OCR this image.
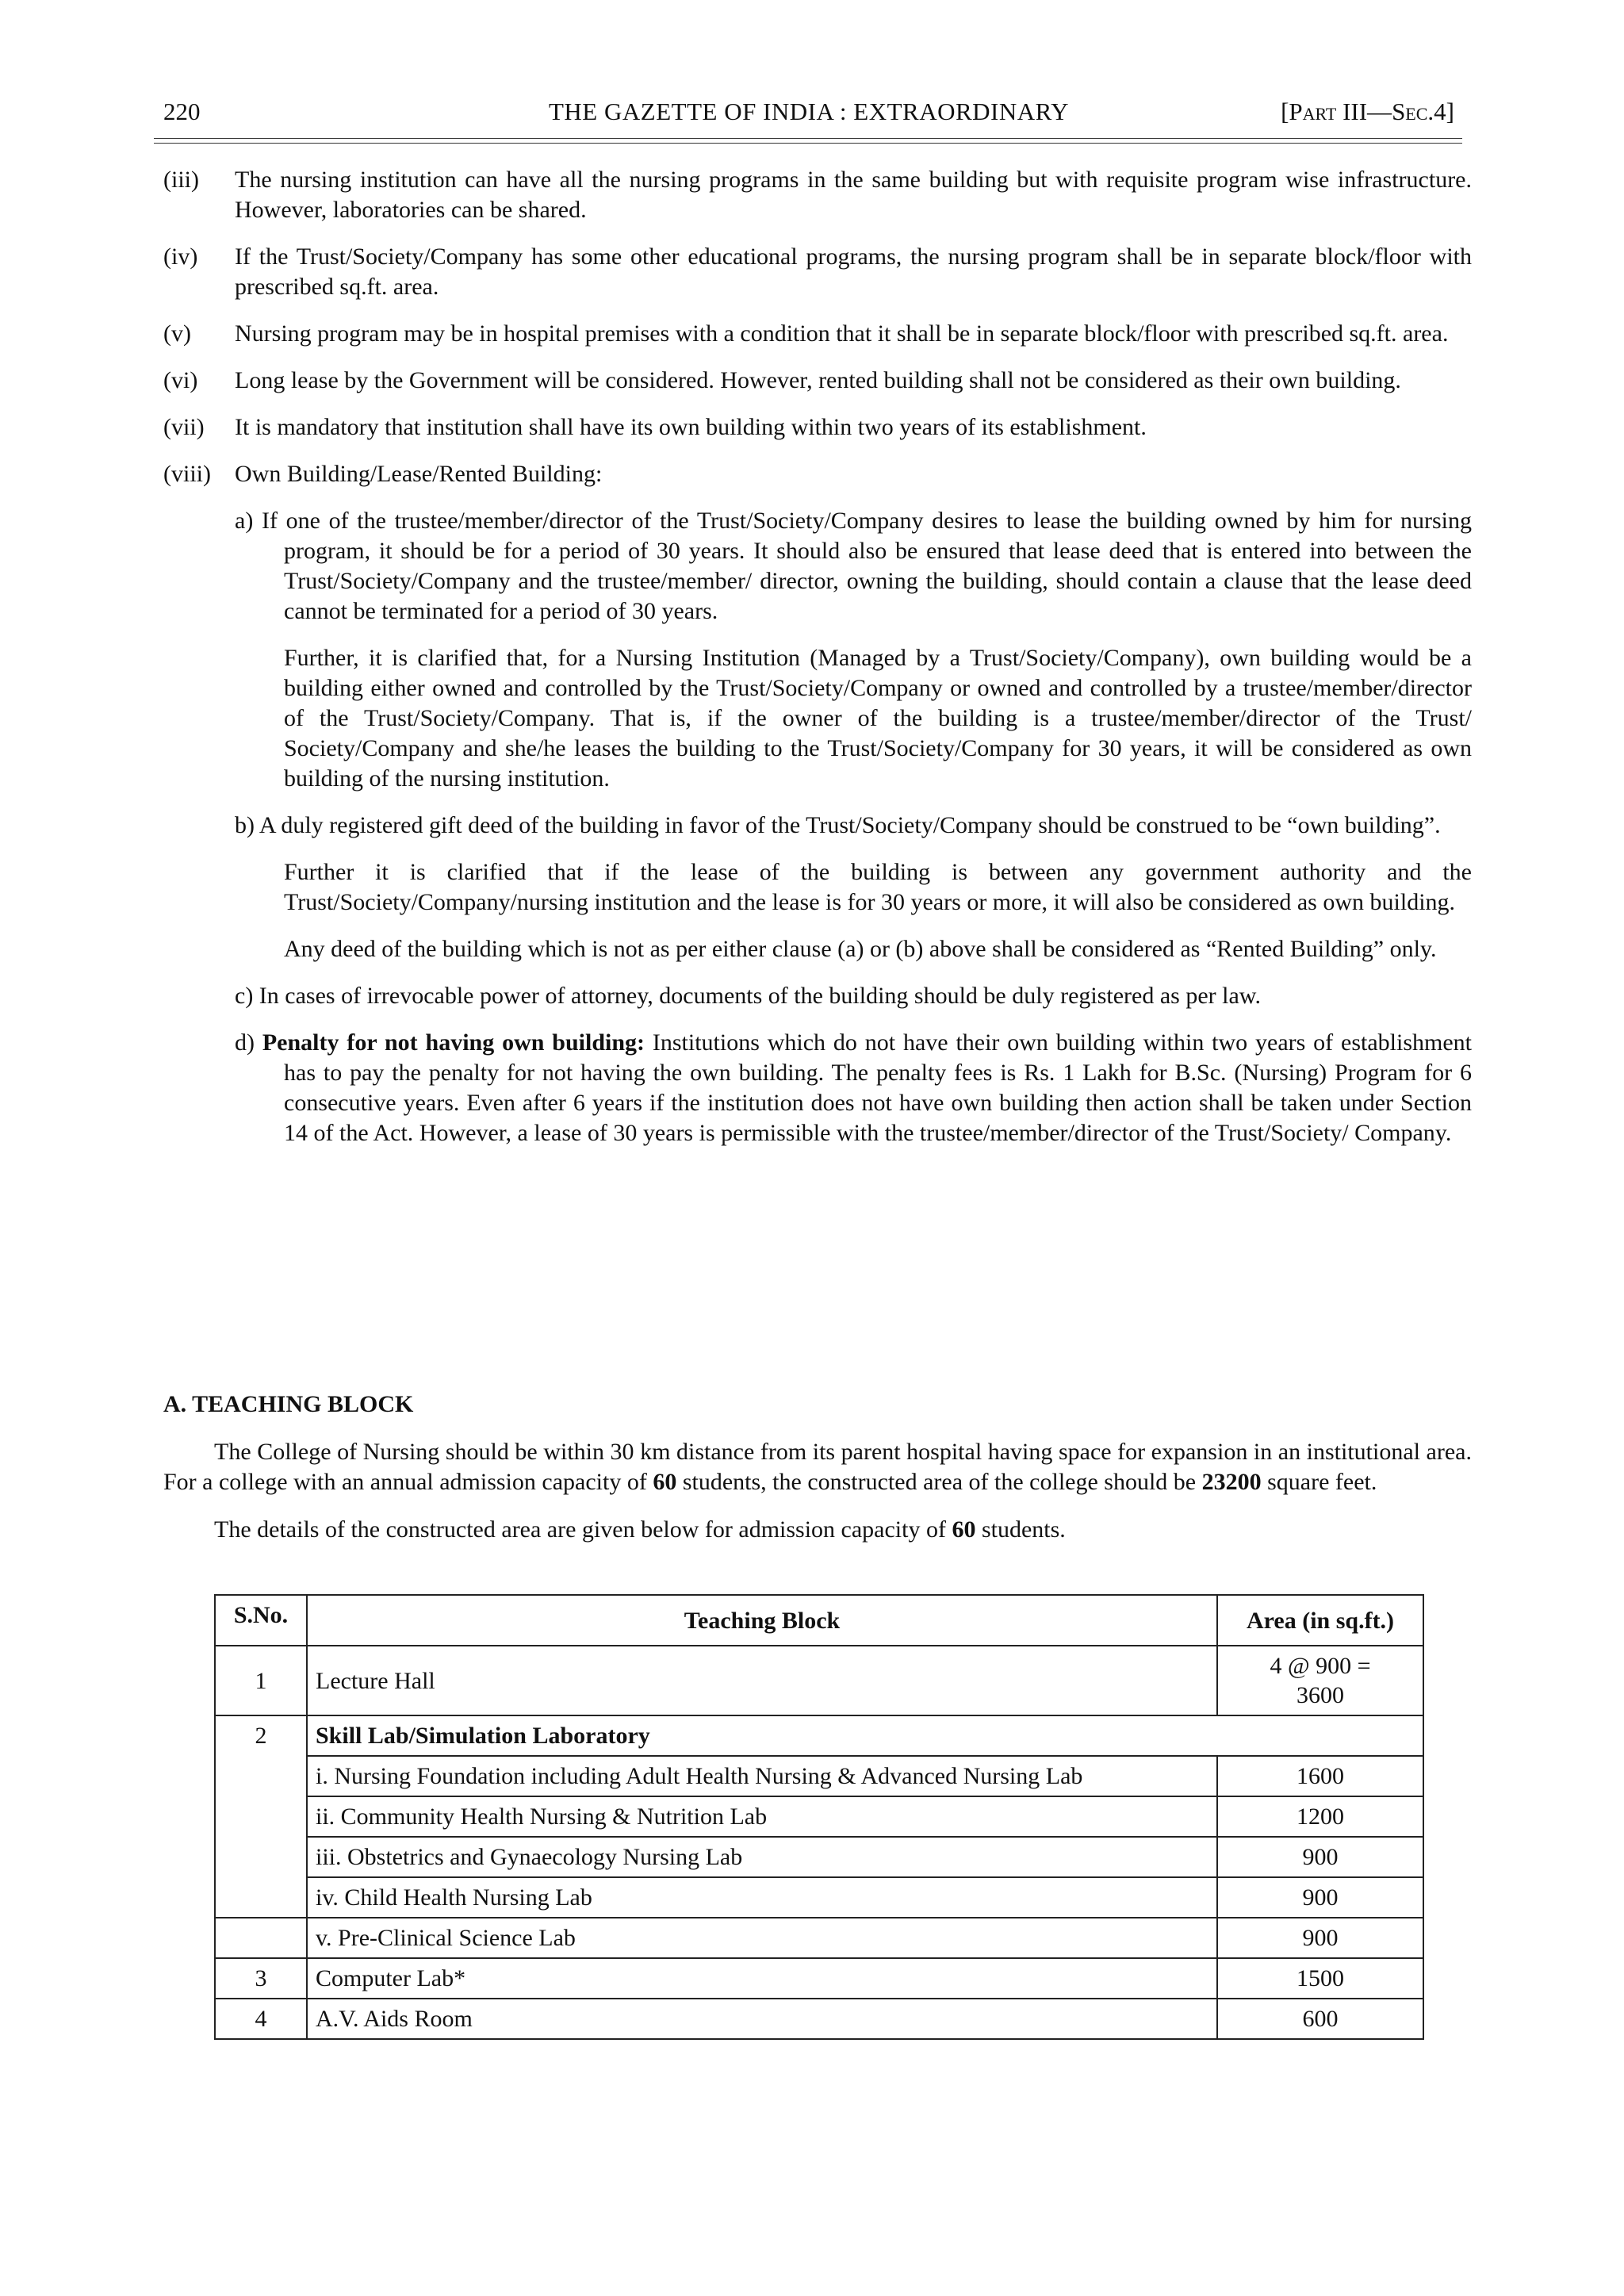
220	THE GAZETTE OF INDIA : EXTRAORDINARY	[Part III—Sec.4]
(iii)	The nursing institution can have all the nursing programs in the same building but with requisite program wise infrastructure. However, laboratories can be shared.
(iv)	If the Trust/Society/Company has some other educational programs, the nursing program shall be in separate block/floor with prescribed sq.ft. area.
(v)	Nursing program may be in hospital premises with a condition that it shall be in separate block/floor with prescribed sq.ft. area.
(vi)	Long lease by the Government will be considered. However, rented building shall not be considered as their own building.
(vii)	It is mandatory that institution shall have its own building within two years of its establishment.
(viii)	Own Building/Lease/Rented Building:
a) If one of the trustee/member/director of the Trust/Society/Company desires to lease the building owned by him for nursing program, it should be for a period of 30 years. It should also be ensured that lease deed that is entered into between the Trust/Society/Company and the trustee/member/ director, owning the building, should contain a clause that the lease deed cannot be terminated for a period of 30 years.
Further, it is clarified that, for a Nursing Institution (Managed by a Trust/Society/Company), own building would be a building either owned and controlled by the Trust/Society/Company or owned and controlled by a trustee/member/director of the Trust/Society/Company. That is, if the owner of the building is a trustee/member/director of the Trust/ Society/Company and she/he leases the building to the Trust/Society/Company for 30 years, it will be considered as own building of the nursing institution.
b) A duly registered gift deed of the building in favor of the Trust/Society/Company should be construed to be “own building”.
Further it is clarified that if the lease of the building is between any government authority and the Trust/Society/Company/nursing institution and the lease is for 30 years or more, it will also be considered as own building.
Any deed of the building which is not as per either clause (a) or (b) above shall be considered as “Rented Building” only.
c) In cases of irrevocable power of attorney, documents of the building should be duly registered as per law.
d) Penalty for not having own building: Institutions which do not have their own building within two years of establishment has to pay the penalty for not having the own building. The penalty fees is Rs. 1 Lakh for B.Sc. (Nursing) Program for 6 consecutive years. Even after 6 years if the institution does not have own building then action shall be taken under Section 14 of the Act. However, a lease of 30 years is permissible with the trustee/member/director of the Trust/Society/ Company.
A. TEACHING BLOCK

The College of Nursing should be within 30 km distance from its parent hospital having space for expansion in an institutional area. For a college with an annual admission capacity of 60 students, the constructed area of the college should be 23200 square feet.

The details of the constructed area are given below for admission capacity of 60 students.

S.No.	Teaching Block	Area (in sq.ft.)
1	Lecture Hall	4 @ 900 =
3600
2	Skill Lab/Simulation Laboratory	
	i. Nursing Foundation including Adult Health Nursing & Advanced Nursing Lab	1600
	ii. Community Health Nursing & Nutrition Lab	1200
	iii. Obstetrics and Gynaecology Nursing Lab	900
	iv. Child Health Nursing Lab	900
	v. Pre-Clinical Science Lab	900
3	Computer Lab*	1500
4	A.V. Aids Room	600
